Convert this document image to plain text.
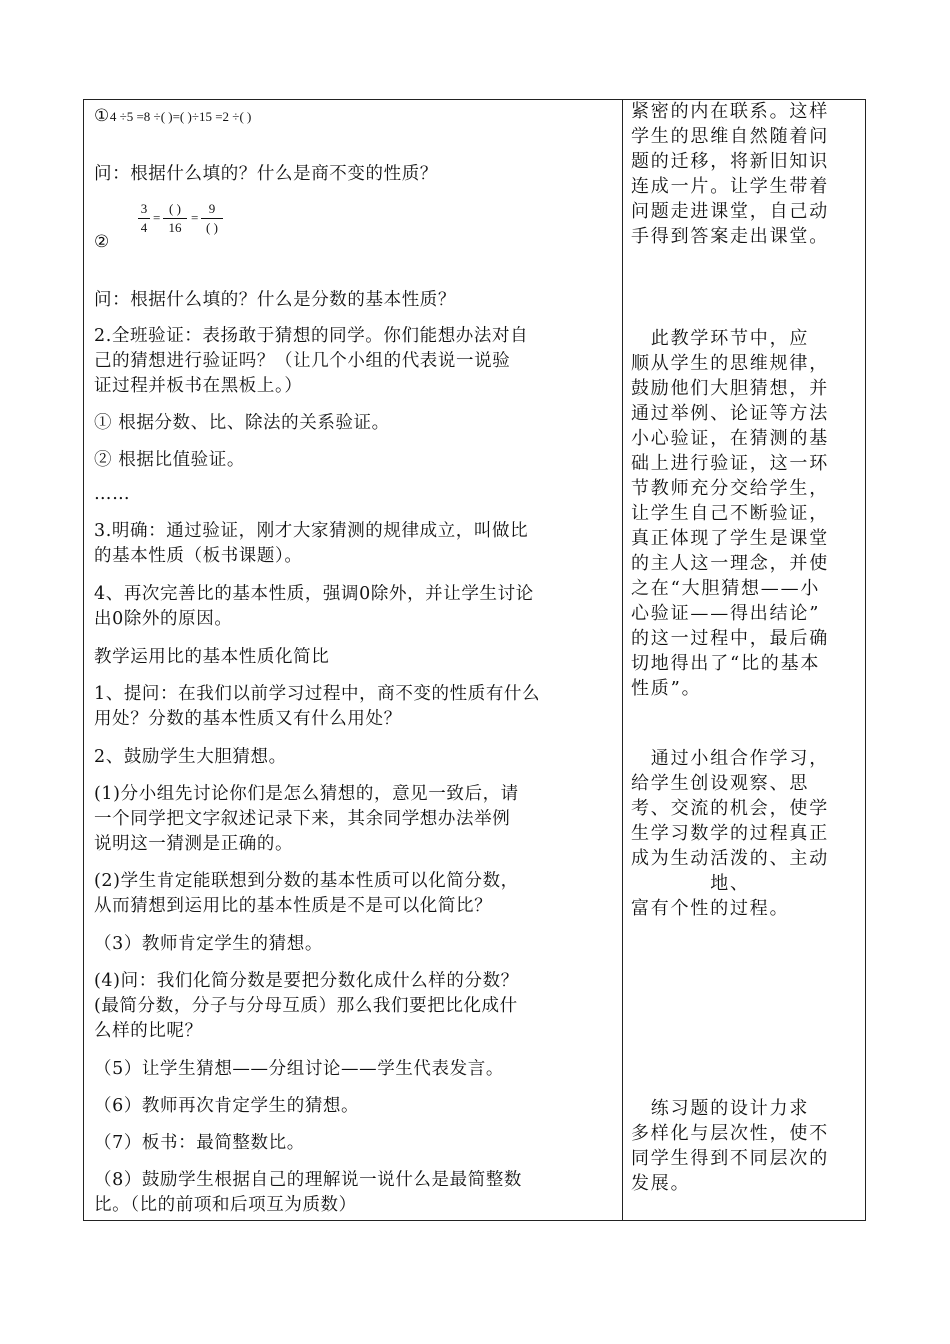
①4 ÷5 =8 ÷( )=( )÷15 =2 ÷( )
问：根据什么填的？什么是商不变的性质？
②
3
4
=
( )
16
=
9
( )
问：根据什么填的？什么是分数的基本性质？
2.全班验证：表扬敢于猜想的同学。你们能想办法对自
己的猜想进行验证吗？（让几个小组的代表说一说验
证过程并板书在黑板上。）
① 根据分数、比、除法的关系验证。
② 根据比值验证。
……
3.明确：通过验证，刚才大家猜测的规律成立，叫做比
的基本性质（板书课题）。
4、再次完善比的基本性质，强调0除外，并让学生讨论
出0除外的原因。
教学运用比的基本性质化简比
1、提问：在我们以前学习过程中，商不变的性质有什么
用处？分数的基本性质又有什么用处？
2、鼓励学生大胆猜想。
(1)分小组先讨论你们是怎么猜想的，意见一致后，请
一个同学把文字叙述记录下来，其余同学想办法举例
说明这一猜测是正确的。
(2)学生肯定能联想到分数的基本性质可以化简分数，
从而猜想到运用比的基本性质是不是可以化简比？
（3）教师肯定学生的猜想。
(4)问：我们化简分数是要把分数化成什么样的分数？
(最简分数，分子与分母互质）那么我们要把比化成什
么样的比呢？
（5）让学生猜想——分组讨论——学生代表发言。
（6）教师再次肯定学生的猜想。
（7）板书：最简整数比。
（8）鼓励学生根据自己的理解说一说什么是最简整数
比。（比的前项和后项互为质数）
紧密的内在联系。这样
学生的思维自然随着问
题的迁移，将新旧知识
连成一片。让学生带着
问题走进课堂，自己动
手得到答案走出课堂。
　此教学环节中，应
顺从学生的思维规律，
鼓励他们大胆猜想，并
通过举例、论证等方法
小心验证，在猜测的基
础上进行验证，这一环
节教师充分交给学生，
让学生自己不断验证，
真正体现了学生是课堂
的主人这一理念，并使
之在“大胆猜想——小
心验证——得出结论”
的这一过程中，最后确
切地得出了“比的基本
性质”。
　通过小组合作学习，
给学生创设观察、思
考、交流的机会，使学
生学习数学的过程真正
成为生动活泼的、主动
　　　　地、
富有个性的过程。
　练习题的设计力求
多样化与层次性，使不
同学生得到不同层次的
发展。
